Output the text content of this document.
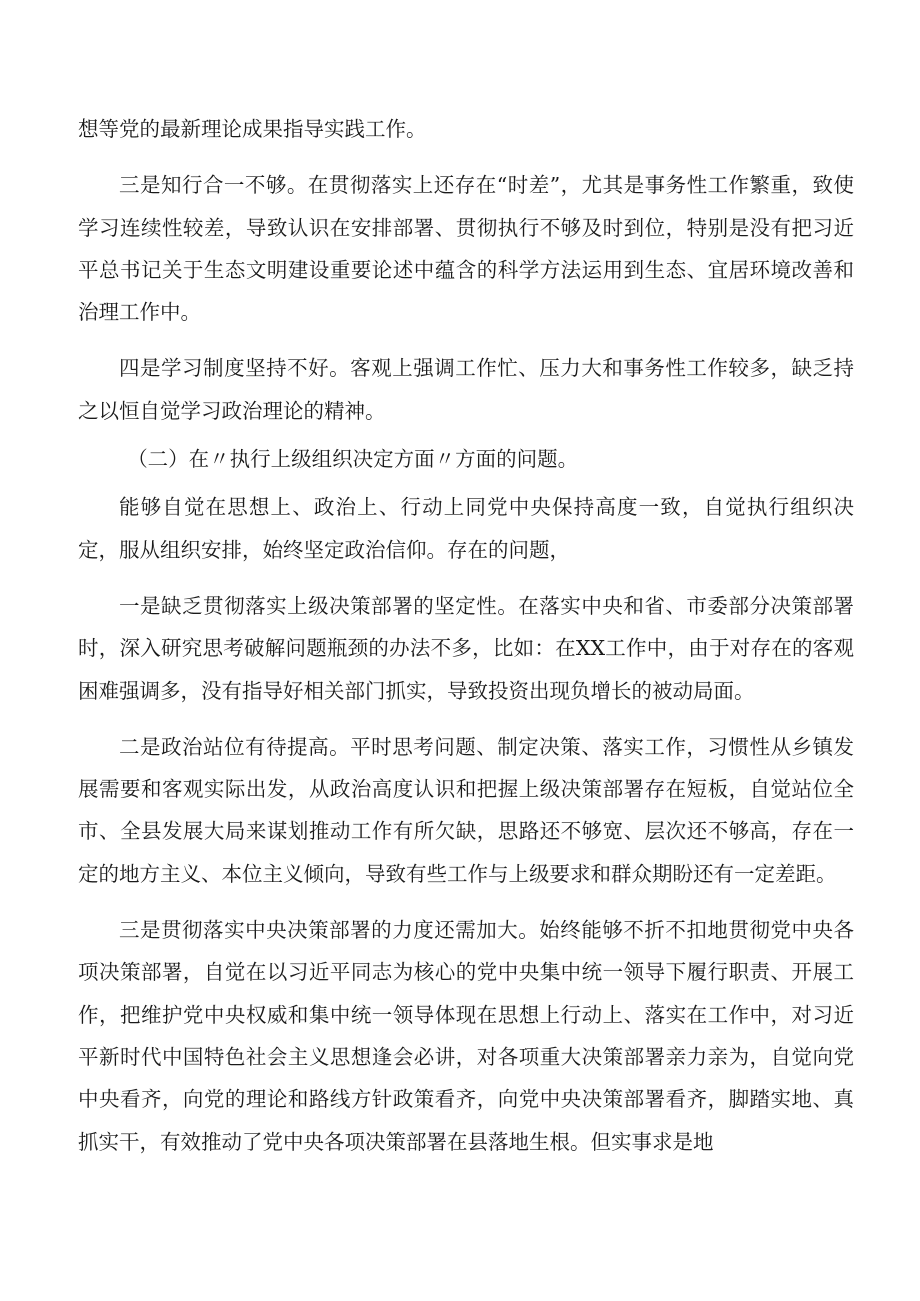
想等党的最新理论成果指导实践工作。

三是知行合一不够。在贯彻落实上还存在“时差”，尤其是事务性工作繁重，致使学习连续性较差，导致认识在安排部署、贯彻执行不够及时到位，特别是没有把习近平总书记关于生态文明建设重要论述中蕴含的科学方法运用到生态、宜居环境改善和治理工作中。

四是学习制度坚持不好。客观上强调工作忙、压力大和事务性工作较多，缺乏持之以恒自觉学习政治理论的精神。

（二）在〃执行上级组织决定方面〃方面的问题。

能够自觉在思想上、政治上、行动上同党中央保持高度一致，自觉执行组织决定，服从组织安排，始终坚定政治信仰。存在的问题，

一是缺乏贯彻落实上级决策部署的坚定性。在落实中央和省、市委部分决策部署时，深入研究思考破解问题瓶颈的办法不多，比如：在XX工作中，由于对存在的客观困难强调多，没有指导好相关部门抓实，导致投资出现负增长的被动局面。

二是政治站位有待提高。平时思考问题、制定决策、落实工作，习惯性从乡镇发展需要和客观实际出发，从政治高度认识和把握上级决策部署存在短板，自觉站位全市、全县发展大局来谋划推动工作有所欠缺，思路还不够宽、层次还不够高，存在一定的地方主义、本位主义倾向，导致有些工作与上级要求和群众期盼还有一定差距。

三是贯彻落实中央决策部署的力度还需加大。始终能够不折不扣地贯彻党中央各项决策部署，自觉在以习近平同志为核心的党中央集中统一领导下履行职责、开展工作，把维护党中央权威和集中统一领导体现在思想上行动上、落实在工作中，对习近平新时代中国特色社会主义思想逢会必讲，对各项重大决策部署亲力亲为，自觉向党中央看齐，向党的理论和路线方针政策看齐，向党中央决策部署看齐，脚踏实地、真抓实干，有效推动了党中央各项决策部署在县落地生根。但实事求是地
